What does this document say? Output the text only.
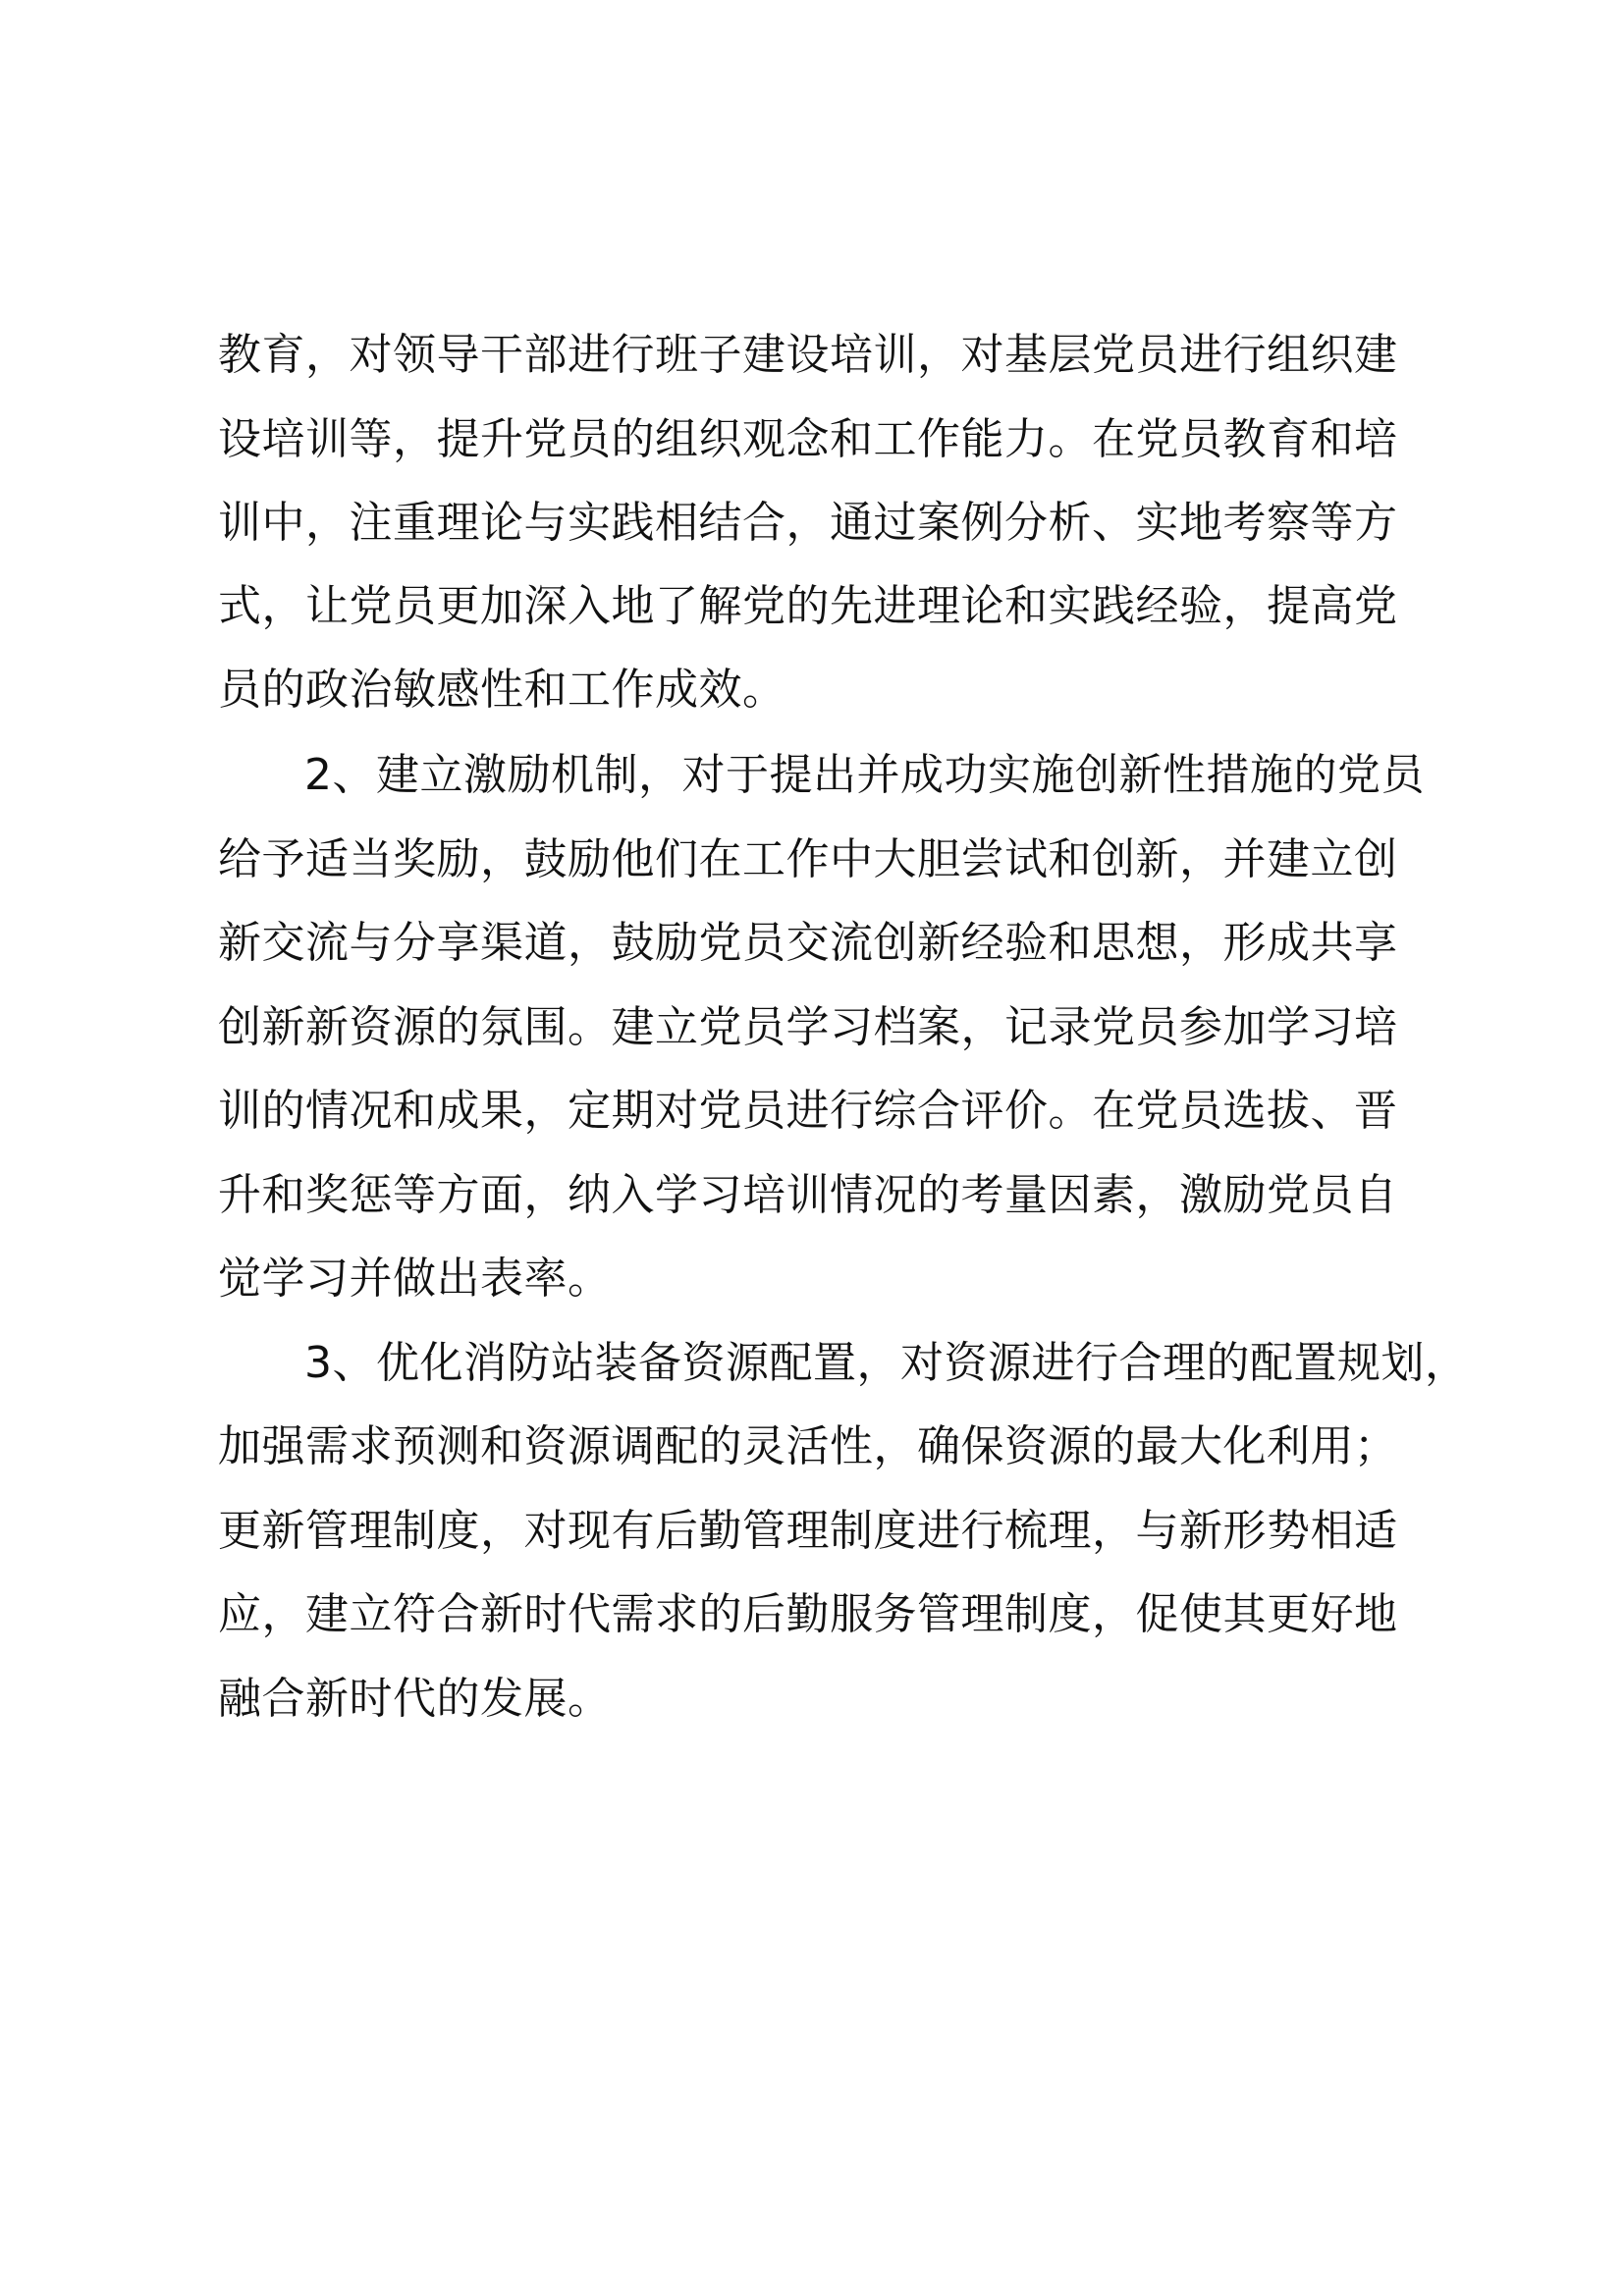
教育，对领导干部进行班子建设培训，对基层党员进行组织建

设培训等，提升党员的组织观念和工作能力。在党员教育和培

训中，注重理论与实践相结合，通过案例分析、实地考察等方

式，让党员更加深入地了解党的先进理论和实践经验，提高党

员的政治敏感性和工作成效。

2、建立激励机制，对于提出并成功实施创新性措施的党员

给予适当奖励，鼓励他们在工作中大胆尝试和创新，并建立创

新交流与分享渠道，鼓励党员交流创新经验和思想，形成共享

创新新资源的氛围。建立党员学习档案，记录党员参加学习培

训的情况和成果，定期对党员进行综合评价。在党员选拔、晋

升和奖惩等方面，纳入学习培训情况的考量因素，激励党员自

觉学习并做出表率。

3、优化消防站装备资源配置，对资源进行合理的配置规划，

加强需求预测和资源调配的灵活性，确保资源的最大化利用；

更新管理制度，对现有后勤管理制度进行梳理，与新形势相适

应，建立符合新时代需求的后勤服务管理制度，促使其更好地

融合新时代的发展。
